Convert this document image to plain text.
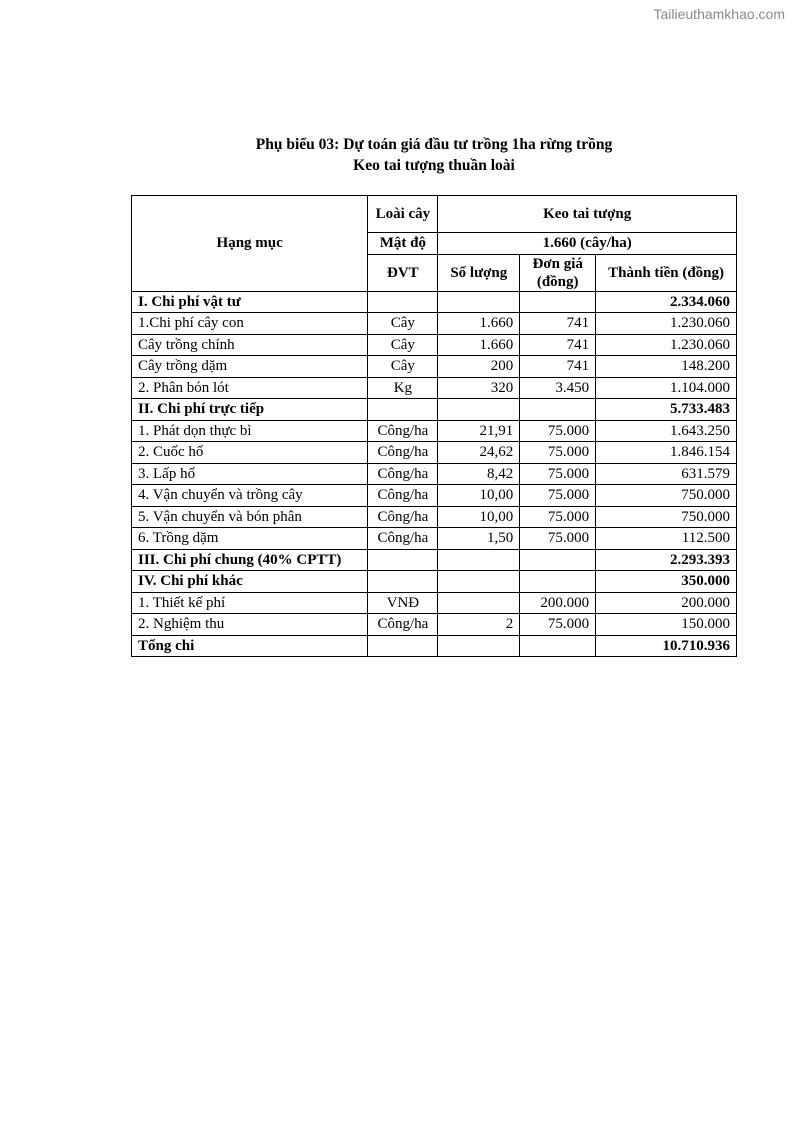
Tailieuthamkhao.com
Phụ biểu 03: Dự toán giá đầu tư trồng 1ha rừng trồng
Keo tai tượng thuần loài
Hạng mục	Loài cây	Keo tai tượng		
	Mật độ	1.660 (cây/ha)		
	ĐVT	Số lượng	Đơn giá (đồng)	Thành tiền (đồng)
I. Chi phí vật tư				2.334.060
1.Chi phí cây con	Cây	1.660	741	1.230.060
Cây trồng chính	Cây	1.660	741	1.230.060
Cây trồng dặm	Cây	200	741	148.200
2. Phân bón lót	Kg	320	3.450	1.104.000
II. Chi phí trực tiếp				5.733.483
1. Phát dọn thực bì	Công/ha	21,91	75.000	1.643.250
2. Cuốc hố	Công/ha	24,62	75.000	1.846.154
3. Lấp hố	Công/ha	8,42	75.000	631.579
4. Vận chuyển và trồng cây	Công/ha	10,00	75.000	750.000
5. Vận chuyển và bón phân	Công/ha	10,00	75.000	750.000
6. Trồng dặm	Công/ha	1,50	75.000	112.500
III. Chi phí chung (40% CPTT)				2.293.393
IV. Chi phí khác				350.000
1. Thiết kế phí	VNĐ		200.000	200.000
2. Nghiệm thu	Công/ha	2	75.000	150.000
Tổng chi				10.710.936
